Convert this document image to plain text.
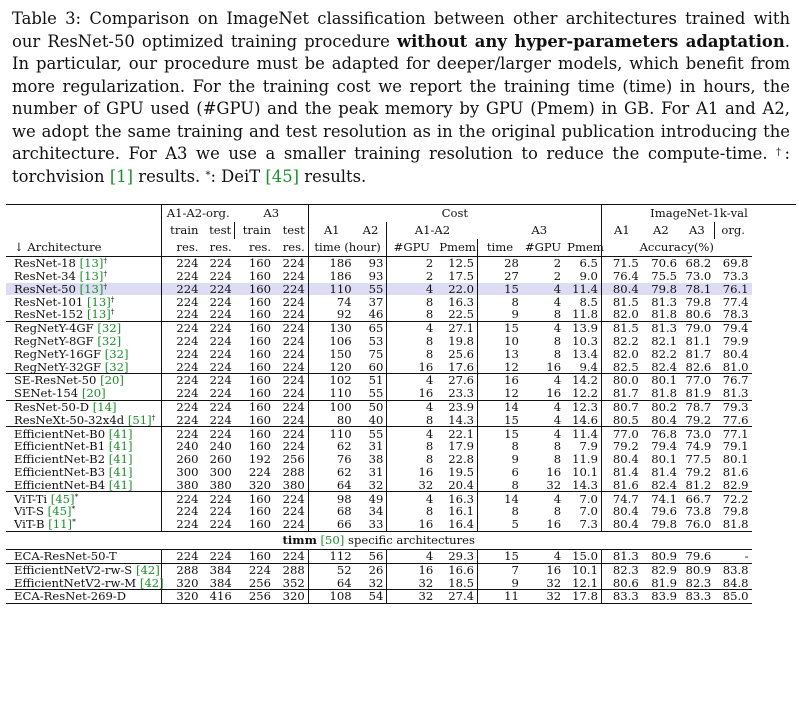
Table 3: Comparison on ImageNet classification between other architectures trained with our ResNet-50 optimized training procedure without any hyper-parameters adaptation. In particular, our procedure must be adapted for deeper/larger models, which benefit from more regularization. For the training cost we report the training time (time) in hours, the number of GPU used (#GPU) and the peak memory by GPU (Pmem) in GB. For A1 and A2, we adopt the same training and test resolution as in the original publication introducing the architecture. For A3 we use a smaller training resolution to reduce the compute-time. †: torchvision [1] results. *: DeiT [45] results.
	A1-A2-org.		A3		Cost							ImageNet-1k-val			
	train	test	train	test	A1	A2	A1-A2		A3			A1	A2	A3	org.
↓ Architecture	res.	res.	res.	res.	time (hour)		#GPU	Pmem	time	#GPU	Pmem	Accuracy(%)			
ResNet-18 [13]†	224	224	160	224	186	93	2	12.5	28	2	6.5	71.5	70.6	68.2	69.8
ResNet-34 [13]†	224	224	160	224	186	93	2	17.5	27	2	9.0	76.4	75.5	73.0	73.3
ResNet-50 [13]†	224	224	160	224	110	55	4	22.0	15	4	11.4	80.4	79.8	78.1	76.1
ResNet-101 [13]†	224	224	160	224	74	37	8	16.3	8	4	8.5	81.5	81.3	79.8	77.4
ResNet-152 [13]†	224	224	160	224	92	46	8	22.5	9	8	11.8	82.0	81.8	80.6	78.3
RegNetY-4GF [32]	224	224	160	224	130	65	4	27.1	15	4	13.9	81.5	81.3	79.0	79.4
RegNetY-8GF [32]	224	224	160	224	106	53	8	19.8	10	8	10.3	82.2	82.1	81.1	79.9
RegNetY-16GF [32]	224	224	160	224	150	75	8	25.6	13	8	13.4	82.0	82.2	81.7	80.4
RegNetY-32GF [32]	224	224	160	224	120	60	16	17.6	12	16	9.4	82.5	82.4	82.6	81.0
SE-ResNet-50 [20]	224	224	160	224	102	51	4	27.6	16	4	14.2	80.0	80.1	77.0	76.7
SENet-154 [20]	224	224	160	224	110	55	16	23.3	12	16	12.2	81.7	81.8	81.9	81.3
ResNet-50-D [14]	224	224	160	224	100	50	4	23.9	14	4	12.3	80.7	80.2	78.7	79.3
ResNeXt-50-32x4d [51]†	224	224	160	224	80	40	8	14.3	15	4	14.6	80.5	80.4	79.2	77.6
EfficientNet-B0 [41]	224	224	160	224	110	55	4	22.1	15	4	11.4	77.0	76.8	73.0	77.1
EfficientNet-B1 [41]	240	240	160	224	62	31	8	17.9	8	8	7.9	79.2	79.4	74.9	79.1
EfficientNet-B2 [41]	260	260	192	256	76	38	8	22.8	9	8	11.9	80.4	80.1	77.5	80.1
EfficientNet-B3 [41]	300	300	224	288	62	31	16	19.5	6	16	10.1	81.4	81.4	79.2	81.6
EfficientNet-B4 [41]	380	380	320	380	64	32	32	20.4	8	32	14.3	81.6	82.4	81.2	82.9
ViT-Ti [45]*	224	224	160	224	98	49	4	16.3	14	4	7.0	74.7	74.1	66.7	72.2
ViT-S [45]*	224	224	160	224	68	34	8	16.1	8	8	7.0	80.4	79.6	73.8	79.8
ViT-B [11]*	224	224	160	224	66	33	16	16.4	5	16	7.3	80.4	79.8	76.0	81.8
timm [50] specific architectures															
ECA-ResNet-50-T	224	224	160	224	112	56	4	29.3	15	4	15.0	81.3	80.9	79.6	-
EfficientNetV2-rw-S [42]	288	384	224	288	52	26	16	16.6	7	16	10.1	82.3	82.9	80.9	83.8
EfficientNetV2-rw-M [42]	320	384	256	352	64	32	32	18.5	9	32	12.1	80.6	81.9	82.3	84.8
ECA-ResNet-269-D	320	416	256	320	108	54	32	27.4	11	32	17.8	83.3	83.9	83.3	85.0
